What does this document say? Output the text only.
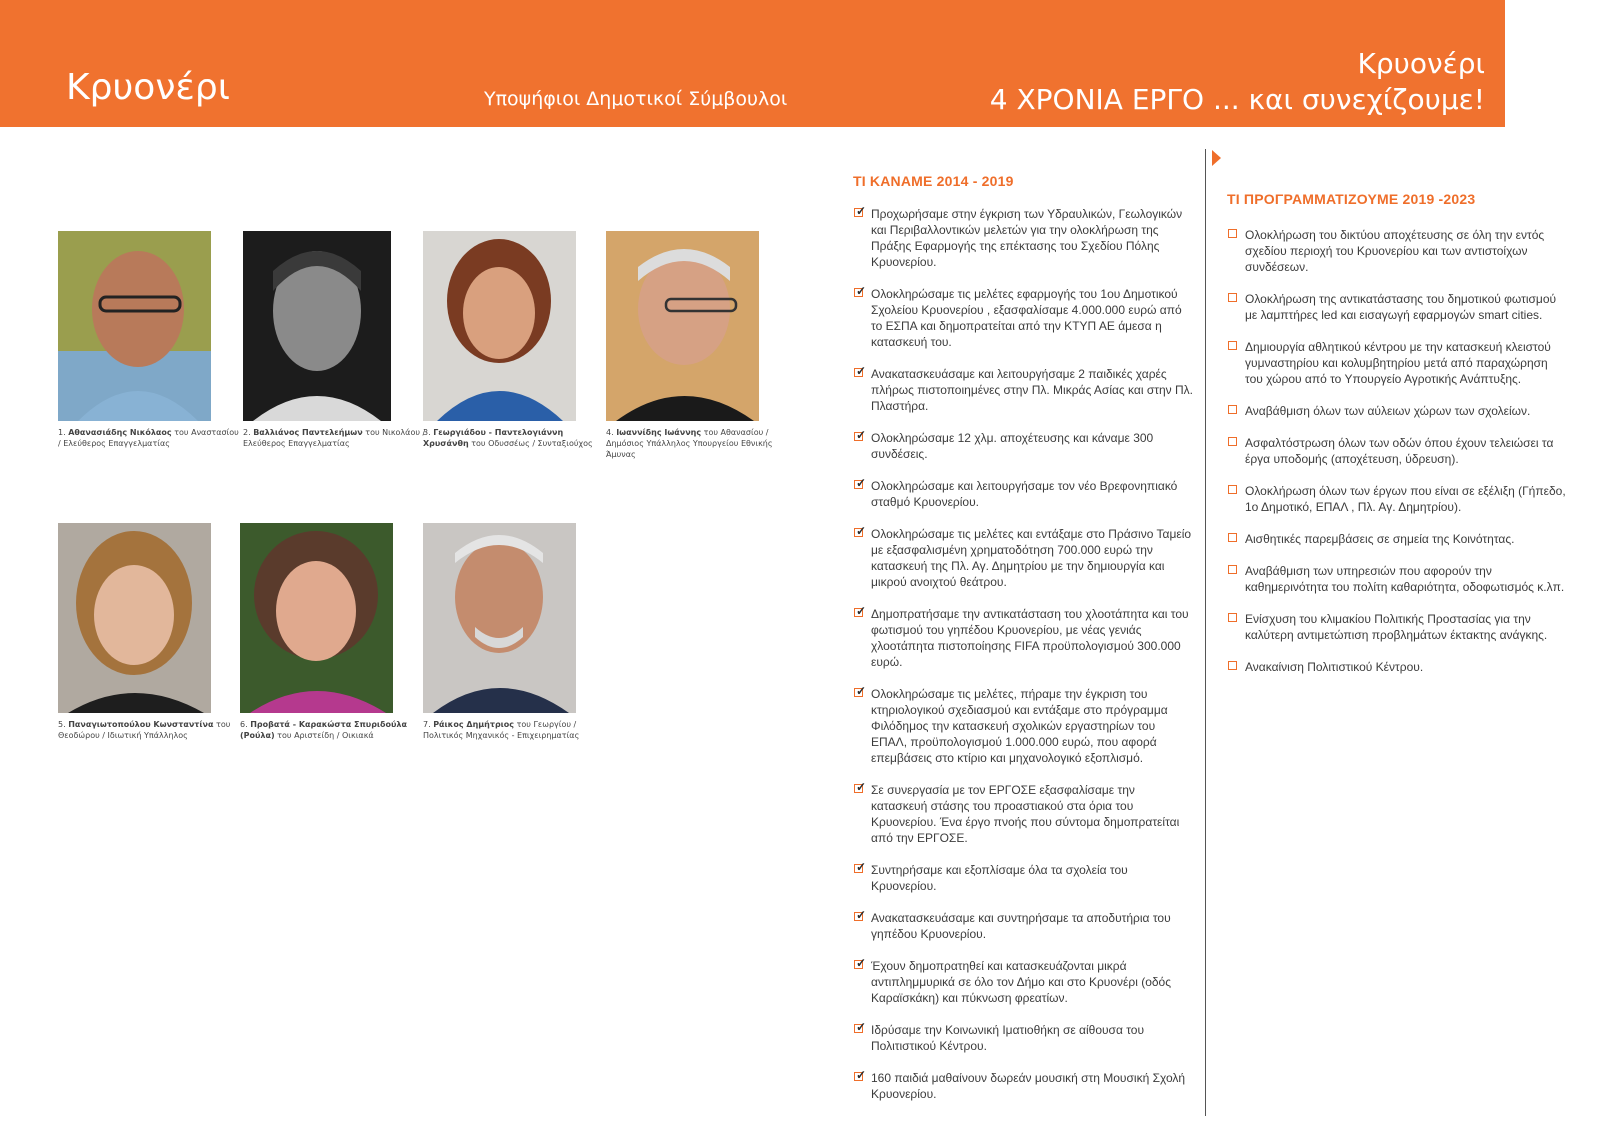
Κρυονέρι	Υποψήφιοι Δημοτικοί Σύμβουλοι
Κρυονέρι
4 ΧΡΟΝΙΑ ΕΡΓΟ ... και συνεχίζουμε!
1. Αθανασιάδης Νικόλαος του Αναστασίου / Ελεύθερος Επαγγελματίας
2. Βαλλιάνος Παντελεήμων του Νικολάου / Ελεύθερος Επαγγελματίας
3. Γεωργιάδου - Παντελογιάννη Χρυσάνθη του Οδυσσέως / Συνταξιούχος
4. Ιωαννίδης Ιωάννης του Αθανασίου / Δημόσιος Υπάλληλος Υπουργείου Εθνικής Άμυνας
5. Παναγιωτοπούλου Κωνσταντίνα του Θεοδώρου / Ιδιωτική Υπάλληλος
6. Προβατά - Καρακώστα Σπυριδούλα (Ρούλα) του Αριστείδη / Οικιακά
7. Ράικος Δημήτριος του Γεωργίου / Πολιτικός Μηχανικός - Επιχειρηματίας
ΤΙ ΚΑΝΑΜΕ 2014 - 2019
✓ Προχωρήσαμε στην έγκριση των Υδραυλικών, Γεωλογικών και Περιβαλλοντικών μελετών για την ολοκλήρωση της Πράξης Εφαρμογής της επέκτασης του Σχεδίου Πόλης Κρυονερίου.
✓ Ολοκληρώσαμε τις μελέτες εφαρμογής του 1ου Δημοτικού Σχολείου Κρυονερίου , εξασφαλίσαμε 4.000.000 ευρώ από το ΕΣΠΑ και δημοπρατείται από την ΚΤΥΠ ΑΕ άμεσα η κατασκευή του.
✓ Ανακατασκευάσαμε και λειτουργήσαμε 2 παιδικές χαρές πλήρως πιστοποιημένες στην Πλ. Μικράς Ασίας και στην Πλ. Πλαστήρα.
✓ Ολοκληρώσαμε 12 χλμ. αποχέτευσης και κάναμε 300 συνδέσεις.
✓ Ολοκληρώσαμε και λειτουργήσαμε τον νέο Βρεφονηπιακό σταθμό Κρυονερίου.
✓ Ολοκληρώσαμε τις μελέτες και εντάξαμε στο Πράσινο Ταμείο με εξασφαλισμένη χρηματοδότηση 700.000 ευρώ την κατασκευή της Πλ. Αγ. Δημητρίου με την δημιουργία και μικρού ανοιχτού θεάτρου.
✓ Δημοπρατήσαμε την αντικατάσταση του χλοοτάπητα και του φωτισμού του γηπέδου Κρυονερίου, με νέας γενιάς χλοοτάπητα πιστοποίησης FIFA προϋπολογισμού 300.000 ευρώ.
✓ Ολοκληρώσαμε τις μελέτες, πήραμε την έγκριση του κτηριολογικού σχεδιασμού και εντάξαμε στο πρόγραμμα Φιλόδημος την κατασκευή σχολικών εργαστηρίων του ΕΠΑΛ, προϋπολογισμού 1.000.000 ευρώ, που αφορά επεμβάσεις στο κτίριο και μηχανολογικό εξοπλισμό.
✓ Σε συνεργασία με τον ΕΡΓΟΣΕ εξασφαλίσαμε την κατασκευή στάσης του προαστιακού στα όρια του Κρυονερίου. Ένα έργο πνοής που σύντομα δημοπρατείται από την ΕΡΓΟΣΕ.
✓ Συντηρήσαμε και εξοπλίσαμε όλα τα σχολεία του Κρυονερίου.
✓ Ανακατασκευάσαμε και συντηρήσαμε τα αποδυτήρια του γηπέδου Κρυονερίου.
✓ Έχουν δημοπρατηθεί και κατασκευάζονται μικρά αντιπλημμυρικά σε όλο τον Δήμο και στο Κρυονέρι (οδός Καραϊσκάκη) και πύκνωση φρεατίων.
✓ Ιδρύσαμε την Κοινωνική Ιματιοθήκη σε αίθουσα του Πολιτιστικού Κέντρου.
✓ 160 παιδιά μαθαίνουν δωρεάν μουσική στη Μουσική Σχολή Κρυονερίου.
ΤΙ ΠΡΟΓΡΑΜΜΑΤΙΖΟΥΜΕ 2019 -2023
Ολοκλήρωση του δικτύου αποχέτευσης σε όλη την εντός σχεδίου περιοχή του Κρυονερίου και των αντιστοίχων συνδέσεων.
Ολοκλήρωση της αντικατάστασης του δημοτικού φωτισμού με λαμπτήρες led και εισαγωγή εφαρμογών smart cities.
Δημιουργία αθλητικού κέντρου με την κατασκευή κλειστού γυμναστηρίου και κολυμβητηρίου μετά από παραχώρηση του χώρου από το Υπουργείο Αγροτικής Ανάπτυξης.
Αναβάθμιση όλων των αύλειων χώρων των σχολείων.
Ασφαλτόστρωση όλων των οδών όπου έχουν τελειώσει τα έργα υποδομής (αποχέτευση, ύδρευση).
Ολοκλήρωση όλων των έργων που είναι σε εξέλιξη (Γήπεδο, 1ο Δημοτικό, ΕΠΑΛ , Πλ. Αγ. Δημητρίου).
Αισθητικές παρεμβάσεις σε σημεία της Κοινότητας.
Αναβάθμιση των υπηρεσιών που αφορούν την καθημερινότητα του πολίτη καθαριότητα, οδοφωτισμός κ.λπ.
Ενίσχυση του κλιμακίου Πολιτικής Προστασίας για την καλύτερη αντιμετώπιση προβλημάτων έκτακτης ανάγκης.
Ανακαίνιση Πολιτιστικού Κέντρου.
